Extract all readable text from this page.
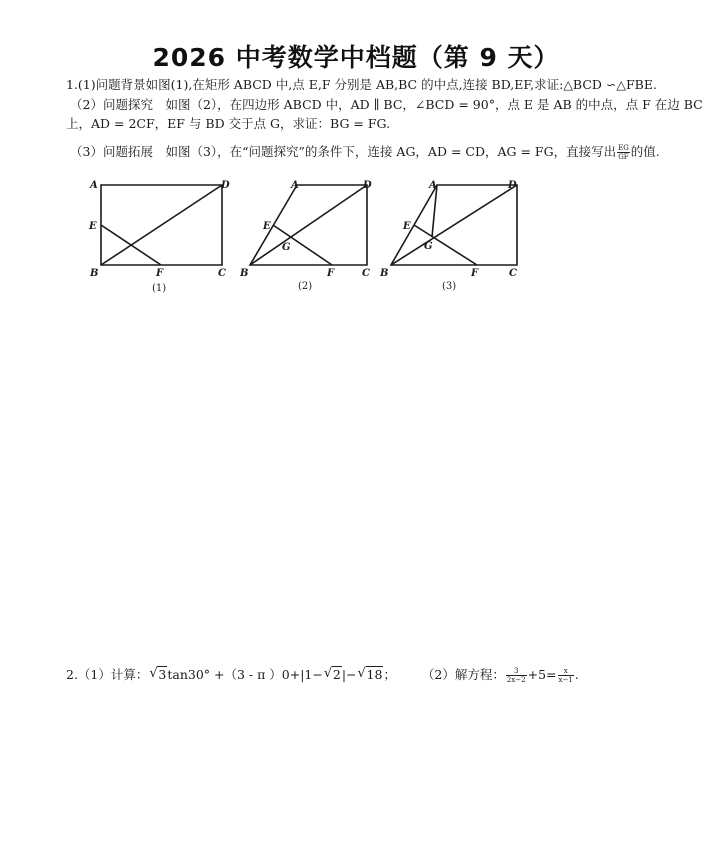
2026 中考数学中档题（第 9 天）
1.(1)问题背景如图(1),在矩形 ABCD 中,点 E,F 分别是 AB,BC 的中点,连接 BD,EF,求证:△BCD ∽△FBE.
（2）问题探究　如图（2），在四边形 ABCD 中，AD ∥ BC，∠BCD = 90°，点 E 是 AB 的中点，点 F 在边 BC
上，AD = 2CF，EF 与 BD 交于点 G，求证：BG = FG.
（3）问题拓展　如图（3），在“问题探究”的条件下，连接 AG，AD = CD，AG = FG，直接写出 $\frac{EG}{GF}$ 的值.
A	D
E
B	F	C
A	D
E
G
B	F	C
A	D
E
G
B	F	C
(1)	(2)	(3)
2.（1）计算： √ 3tan30° +（3 - π ）0+|1− √ 2|− √ 18； （2）解方程： $\frac{3}{2x-2} +5= \frac{x}{x-1}$ .
